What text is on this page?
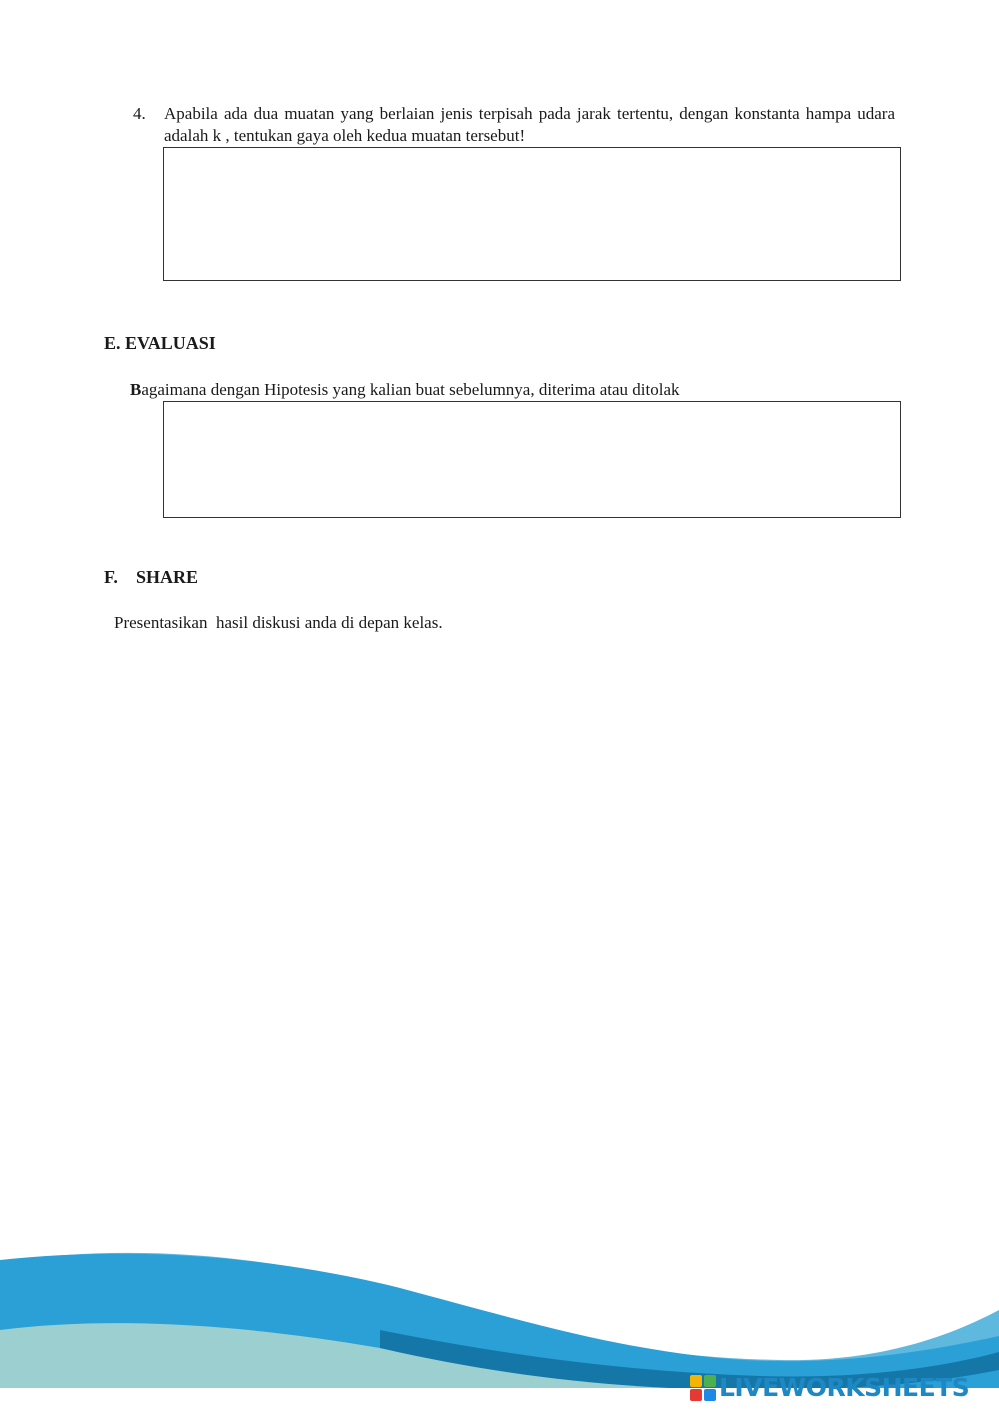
4. Apabila ada dua muatan yang berlaian jenis terpisah pada jarak tertentu, dengan konstanta hampa udara adalah k , tentukan gaya oleh kedua muatan tersebut!
E. EVALUASI
Bagaimana dengan Hipotesis yang kalian buat sebelumnya, diterima atau ditolak
F. SHARE
Presentasikan  hasil diskusi anda di depan kelas.
LIVEWORKSHEETS
